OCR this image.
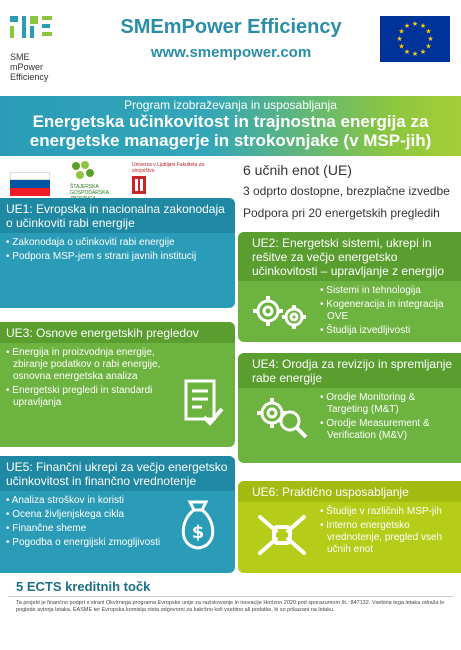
SME
mPower
Efficiency
SMEmPower Efficiency
www.smempower.com
★ ★
★
★
★
★
★
★
★
★
★
★
Program izobraževanja in usposabljanja
Energetska učinkovitost in trajnostna energija za energetske managerje in strokovnjake (v MSP-jih)
ŠTAJERSKA GOSPODARSKA
Univerza v Ljubljani Fakulteta za strojništvo	6 učnih enot (UE)
3 odprto dostopne, brezplačne izvedbe
Podpora pri 20 energetskih pregledih
UE1: Evropska in nacionalna zakonodaja o učinkoviti rabi energije
• Zakonodaja o učinkoviti rabi energije
• Podpora MSP-jem s strani javnih institucij
UE2: Energetski sistemi, ukrepi in rešitve za večjo energetsko učinkovitosti – upravljanje z energijo
• Sistemi in tehnologija
• Kogeneracija in integracija OVE
• Študija izvedljivosti
UE3: Osnove energetskih pregledov
• Energija in proizvodnja energije, zbiranje podatkov o rabi energije, osnovna energetska analiza
• Energetski pregledi in standardi upravljanja
UE4: Orodja za revizijo in spremljanje rabe energije
• Orodje Monitoring & Targeting (M&T)
• Orodje Measurement & Verification (M&V)
UE5: Finančni ukrepi za večjo energetsko učinkovitost in finančno vrednotenje
• Analiza stroškov in koristi
• Ocena življenjskega cikla
• Finančne sheme
• Pogodba o energijski zmogljivosti	$
UE6: Praktično usposabljanje
• Študije v različnih MSP-jih
• Interno energetsko vrednotenje, pregled vseh učnih enot
5 ECTS kreditnih točk
Ta projekt je finančno podprt s strani Okvirnega programa Evropske unije za raziskovanje in inovacije Horizon 2020 pod sporazumom št.: 847132. Vsebina tega letaka odraža le poglede avtorja letaka, EASME ter Evropska komisija nista odgovorni za kakršno koli vsebino ali podatke, ki so prikazani na letaku.
